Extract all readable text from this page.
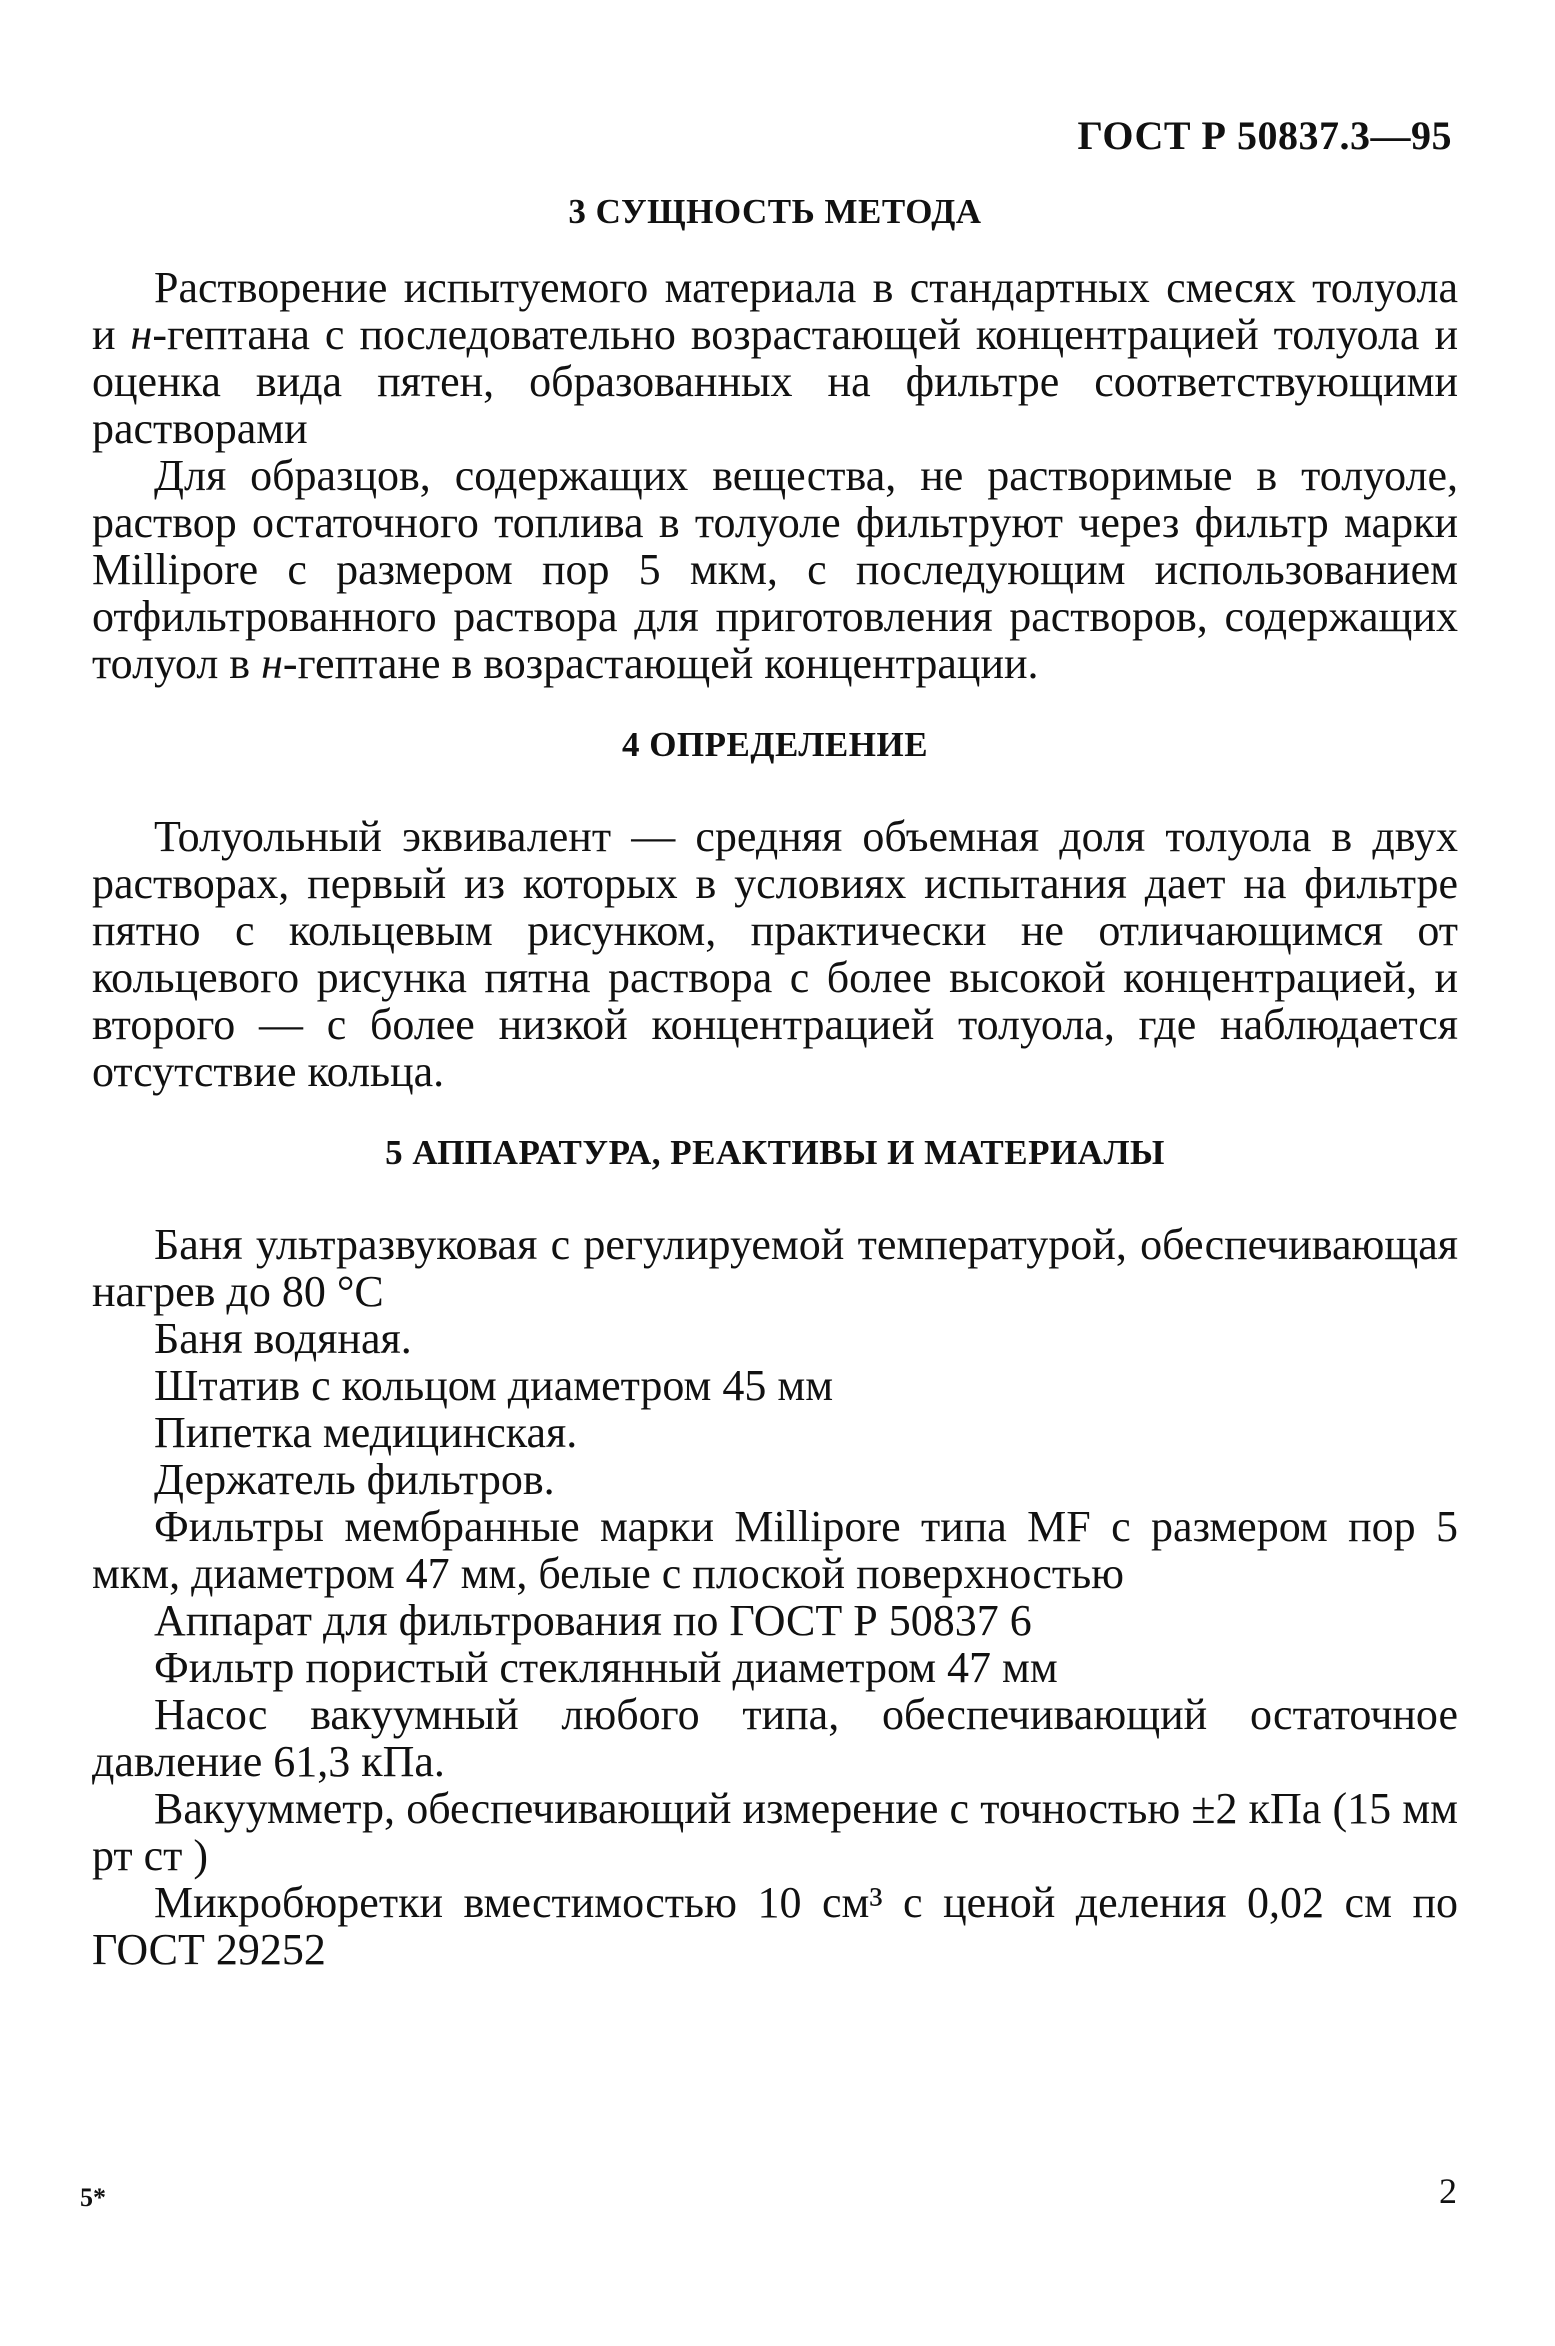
ГОСТ Р 50837.3—95
3 СУЩНОСТЬ МЕТОДА

Растворение испытуемого материала в стандартных смесях толуола и н-гептана с последовательно возрастающей концентрацией толуола и оценка вида пятен, образованных на фильтре соответствующими растворами

Для образцов, содержащих вещества, не растворимые в толуоле, раствор остаточного топлива в толуоле фильтруют через фильтр марки Millipore с размером пор 5 мкм, с последующим использованием отфильтрованного раствора для приготовления растворов, содержащих толуол в н-гептане в возрастающей концентрации.

4 ОПРЕДЕЛЕНИЕ

Толуольный эквивалент — средняя объемная доля толуола в двух растворах, первый из которых в условиях испытания дает на фильтре пятно с кольцевым рисунком, практически не отличающимся от кольцевого рисунка пятна раствора с более высокой концентрацией, и второго — с более низкой концентрацией толуола, где наблюдается отсутствие кольца.

5 АППАРАТУРА, РЕАКТИВЫ И МАТЕРИАЛЫ

Баня ультразвуковая с регулируемой температурой, обеспечивающая нагрев до 80 °С

Баня водяная.

Штатив с кольцом диаметром 45 мм

Пипетка медицинская.

Держатель фильтров.

Фильтры мембранные марки Millipore типа MF с размером пор 5 мкм, диаметром 47 мм, белые с плоской поверхностью

Аппарат для фильтрования по ГОСТ Р 50837 6

Фильтр пористый стеклянный диаметром 47 мм

Насос вакуумный любого типа, обеспечивающий остаточное давление 61,3 кПа.

Вакуумметр, обеспечивающий измерение с точностью ±2 кПа (15 мм рт ст )

Микробюретки вместимостью 10 см³ с ценой деления 0,02 см по ГОСТ 29252

5*	2
